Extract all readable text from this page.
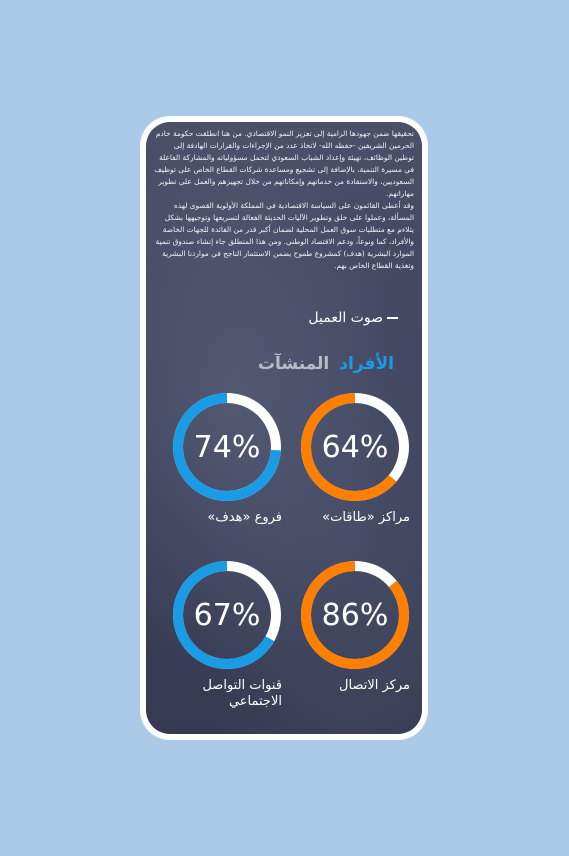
تحقيقها ضمن جهودها الرامية إلى تعزيز النمو الاقتصادي. من هنا انطلقت حكومة خادم الحرمين الشريفين -حفظه الله- لاتخاذ عدد من الإجراءات والقرارات الهادفة إلى توطين الوظائف، تهيئة وإعداد الشباب السعودي لتحمل مسؤولياته والمشاركة الفاعلة في مسيرة التنمية، بالإضافة إلى تشجيع ومساعدة شركات القطاع الخاص على توظيف السعوديين، والاستفادة من خدماتهم وإمكاناتهم من خلال تجهيزهم والعمل على تطوير مهاراتهم.

وقد أعطى القائمون على السياسة الاقتصادية في المملكة الأولوية القصوى لهذه المسألة، وعملوا على خلق وتطوير الآليات الحديثة الفعالة لتسريعها وتوجيهها بشكل يتلاءم مع متطلبات سوق العمل المحلية لضمان أكبر قدر من الفائدة للجهات الخاصة والأفراد، كما ونوعاً، ودعم الاقتصاد الوطني. ومن هذا المنطلق جاء إنشاء صندوق تنمية الموارد البشرية (هدف) كمشروع طموح يضمن الاستثمار الناجح في مواردنا البشرية وتغذية القطاع الخاص بهم.

صوت العميل
الأفراد
المنشآت
64%
مراكز «طاقات»
74%
فروع «هدف»
86%
مركز الاتصال
67%
قنوات التواصل الاجتماعي
